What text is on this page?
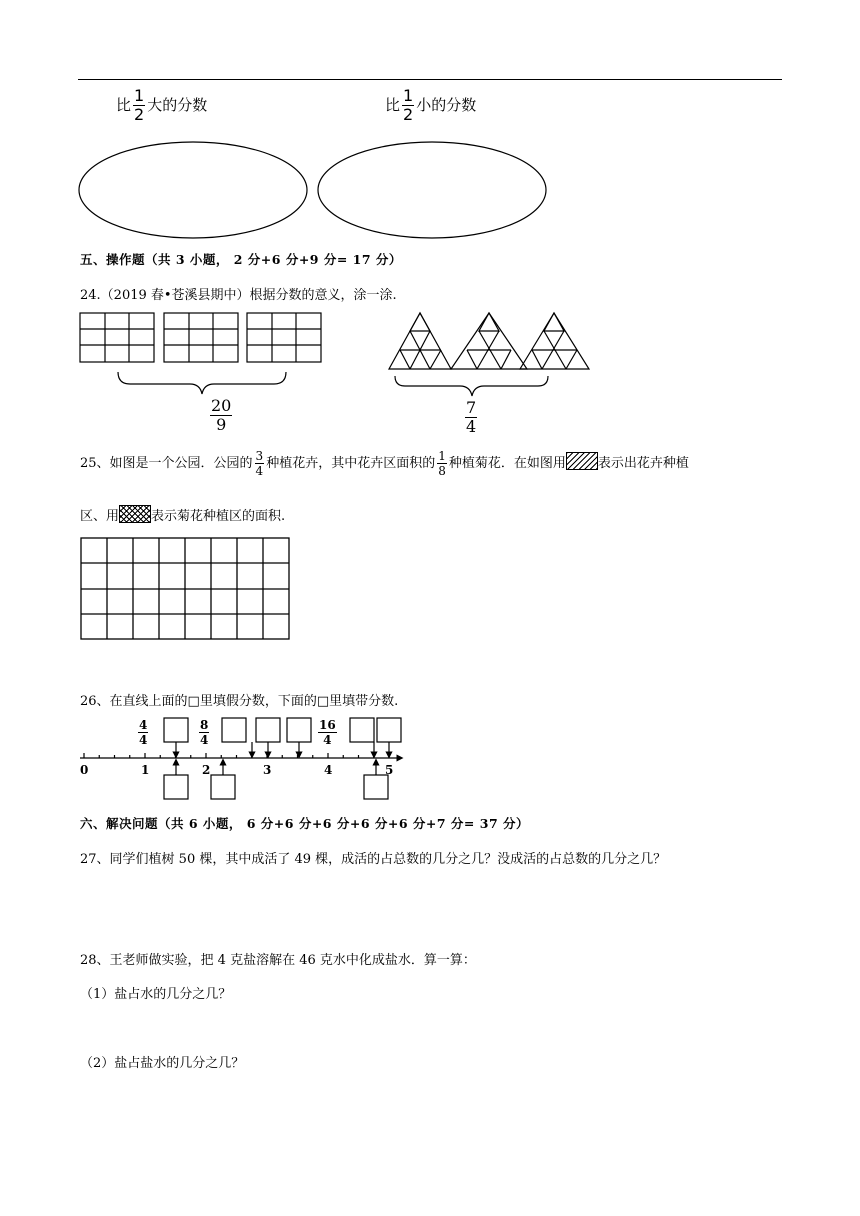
比 $\frac{1}{2}$ 大的分数	比 $\frac{1}{2}$ 小的分数
五、操作题（共 3 小题， 2 分+6 分+9 分= 17 分）
24.（2019 春•苍溪县期中）根据分数的意义，涂一涂.
$\frac{20}{9}$	$\frac{7}{4}$
25、如图是一个公园．公园的 $\frac{3}{4}$ 种植花卉，其中花卉区面积的 $\frac{1}{8}$ 种植菊花．在如图用 表示出花卉种植
区、用 表示菊花种植区的面积.
26、在直线上面的□里填假分数，下面的□里填带分数.
$\frac{4}{4}$	$\frac{8}{4}$	$\frac{16}{4}$
0	1	2	3	4	5
六、解决问题（共 6 小题， 6 分+6 分+6 分+6 分+6 分+7 分= 37 分）
27、同学们植树 50 棵，其中成活了 49 棵，成活的占总数的几分之几？没成活的占总数的几分之几？
28、王老师做实验，把 4 克盐溶解在 46 克水中化成盐水．算一算：
（1）盐占水的几分之几？
（2）盐占盐水的几分之几？
